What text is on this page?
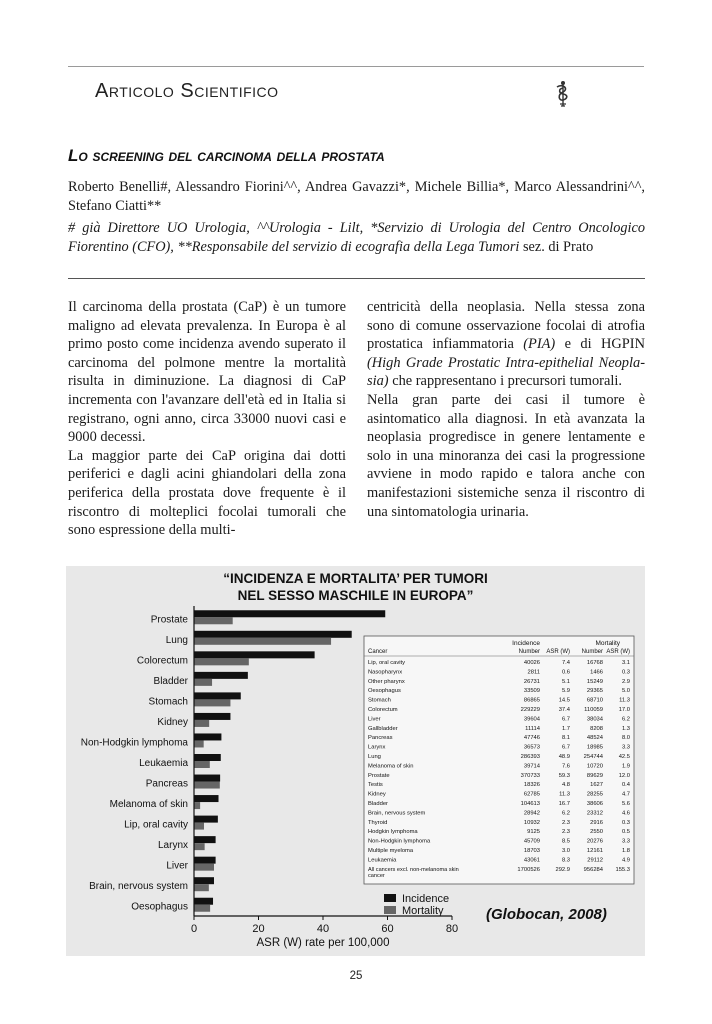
Articolo Scientifico
Lo screening del carcinoma della prostata
Roberto Benelli#, Alessandro Fiorini^^, Andrea Gavazzi*, Michele Billia*, Marco Alessandrini^^, Stefano Ciatti**
# già Direttore UO Urologia, ^^Urologia - Lilt, *Servizio di Urologia del Centro Oncologico Fiorentino (CFO), **Responsabile del servizio di ecografia della Lega Tumori sez. di Prato

Il carcinoma della prostata (CaP) è un tumore maligno ad elevata prevalenza. In Europa è al primo posto come incidenza avendo superato il carcinoma del polmone mentre la mortalità risulta in diminuzione. La diagnosi di CaP incrementa con l'avanzare dell'età ed in Italia si registrano, ogni anno, circa 33000 nuovi casi e 9000 decessi.

La maggior parte dei CaP origina dai dotti periferici e dagli acini ghiandolari della zona periferica della prostata dove frequente è il riscontro di molteplici focolai tumorali che sono espressione della multi-

centricità della neoplasia. Nella stessa zona sono di comune osservazione focolai di atrofia prostatica infiammatoria (PIA) e di HGPIN (High Grade Prostatic Intra-epithelial Neopla-sia) che rappresentano i precursori tumorali.

Nella gran parte dei casi il tumore è asintomatico alla diagnosi. In età avanzata la neoplasia progredisce in genere lentamente e solo in una minoranza dei casi la progressione avviene in modo rapido e talora anche con manifestazioni sistemiche senza il riscontro di una sintomatologia urinaria.

“INCIDENZA E MORTALITA’ PER TUMORI
NEL SESSO MASCHILE IN EUROPA”
Prostate
Lung
Colorectum
Bladder
Stomach
Kidney
Non-Hodgkin lymphoma
Leukaemia
Pancreas
Melanoma of skin
Lip, oral cavity
Larynx
Liver
Brain, nervous system
Oesophagus
0	20	40	60	80
ASR (W) rate per 100,000
Incidence
Mortality
Incidence	Mortality
Cancer	Number ASR (W) Number ASR (W)
Lip, oral cavity	40026	7.4	16768	3.1
Nasopharynx	2811	0.6	1466	0.3
Other pharynx	26731	5.1	15249	2.9
Oesophagus	33509	5.9	29365	5.0
Stomach	86865	14.5	68710	11.3
Colorectum	229229	37.4 110059	17.0
Liver	39604	6.7	38034	6.2
Gallbladder	11114	1.7	8208	1.3
Pancreas	47746	8.1	48524	8.0
Larynx	36573	6.7	18985	3.3
Lung	286393	48.9 254744	42.5
Melanoma of skin	39714	7.6	10720	1.9
Prostate	370733	59.3	89629	12.0
Testis	18326	4.8	1627	0.4
Kidney	62785	11.3	28255	4.7
Bladder	104613	16.7	38606	5.6
Brain, nervous system	28942	6.2	23312	4.6
Thyroid	10932	2.3	2916	0.3
Hodgkin lymphoma	9125	2.3	2550	0.5
Non-Hodgkin lymphoma	45709	8.5	20276	3.3
Multiple myeloma	18703	3.0	12161	1.8
Leukaemia	43061	8.3	29112	4.9
All cancers excl. non-melanoma skin
cancer
1700526	292.9 956284 155.3
(Globocan, 2008)
25
